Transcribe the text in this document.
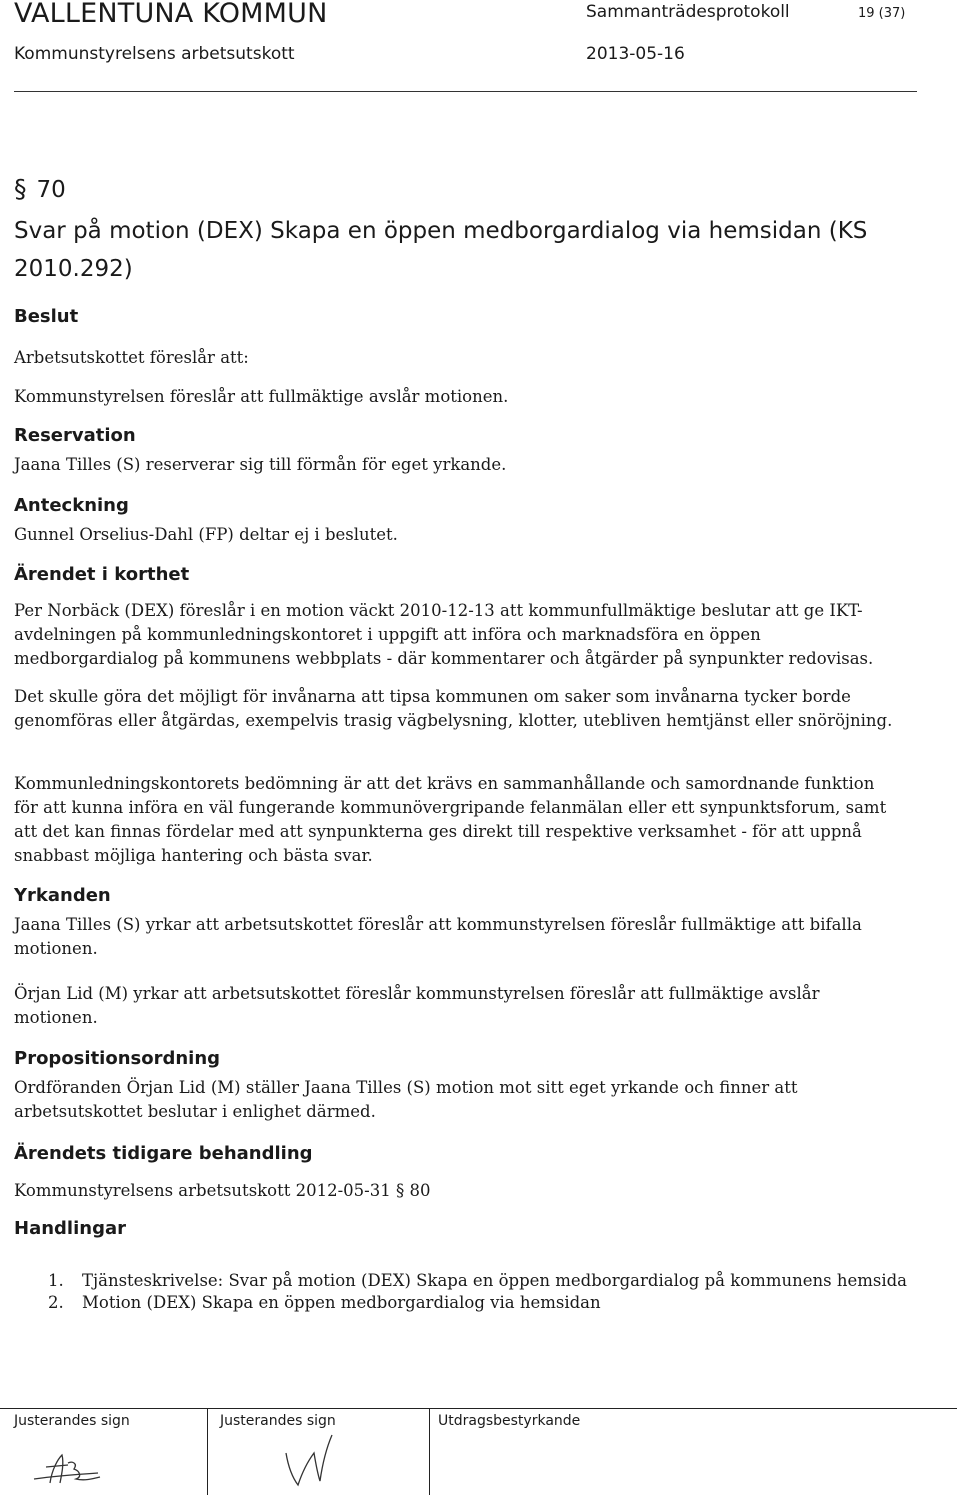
VALLENTUNA KOMMUN	Sammanträdesprotokoll	19 (37)
Kommunstyrelsens arbetsutskott	2013-05-16
§ 70
Svar på motion (DEX) Skapa en öppen medborgardialog via hemsidan (KS 2010.292)
Beslut
Arbetsutskottet föreslår att:
Kommunstyrelsen föreslår att fullmäktige avslår motionen.
Reservation
Jaana Tilles (S) reserverar sig till förmån för eget yrkande.
Anteckning
Gunnel Orselius-Dahl (FP) deltar ej i beslutet.
Ärendet i korthet
Per Norbäck (DEX) föreslår i en motion väckt 2010-12-13 att kommunfullmäktige beslutar att ge IKT-avdelningen på kommunledningskontoret i uppgift att införa och marknadsföra en öppen medborgardialog på kommunens webbplats - där kommentarer och åtgärder på synpunkter redovisas.
Det skulle göra det möjligt för invånarna att tipsa kommunen om saker som invånarna tycker borde genomföras eller åtgärdas, exempelvis trasig vägbelysning, klotter, utebliven hemtjänst eller snöröjning.
Kommunledningskontorets bedömning är att det krävs en sammanhållande och samordnande funktion för att kunna införa en väl fungerande kommunövergripande felanmälan eller ett synpunktsforum, samt att det kan finnas fördelar med att synpunkterna ges direkt till respektive verksamhet - för att uppnå snabbast möjliga hantering och bästa svar.
Yrkanden
Jaana Tilles (S) yrkar att arbetsutskottet föreslår att kommunstyrelsen föreslår fullmäktige att bifalla motionen.
Örjan Lid (M) yrkar att arbetsutskottet föreslår kommunstyrelsen föreslår att fullmäktige avslår motionen.
Propositionsordning
Ordföranden Örjan Lid (M) ställer Jaana Tilles (S) motion mot sitt eget yrkande och finner att arbetsutskottet beslutar i enlighet därmed.
Ärendets tidigare behandling
Kommunstyrelsens arbetsutskott 2012-05-31 § 80
Handlingar
1.	Tjänsteskrivelse: Svar på motion (DEX) Skapa en öppen medborgardialog på kommunens hemsida
2.	Motion (DEX) Skapa en öppen medborgardialog via hemsidan
Justerandes sign	Justerandes sign	Utdragsbestyrkande
